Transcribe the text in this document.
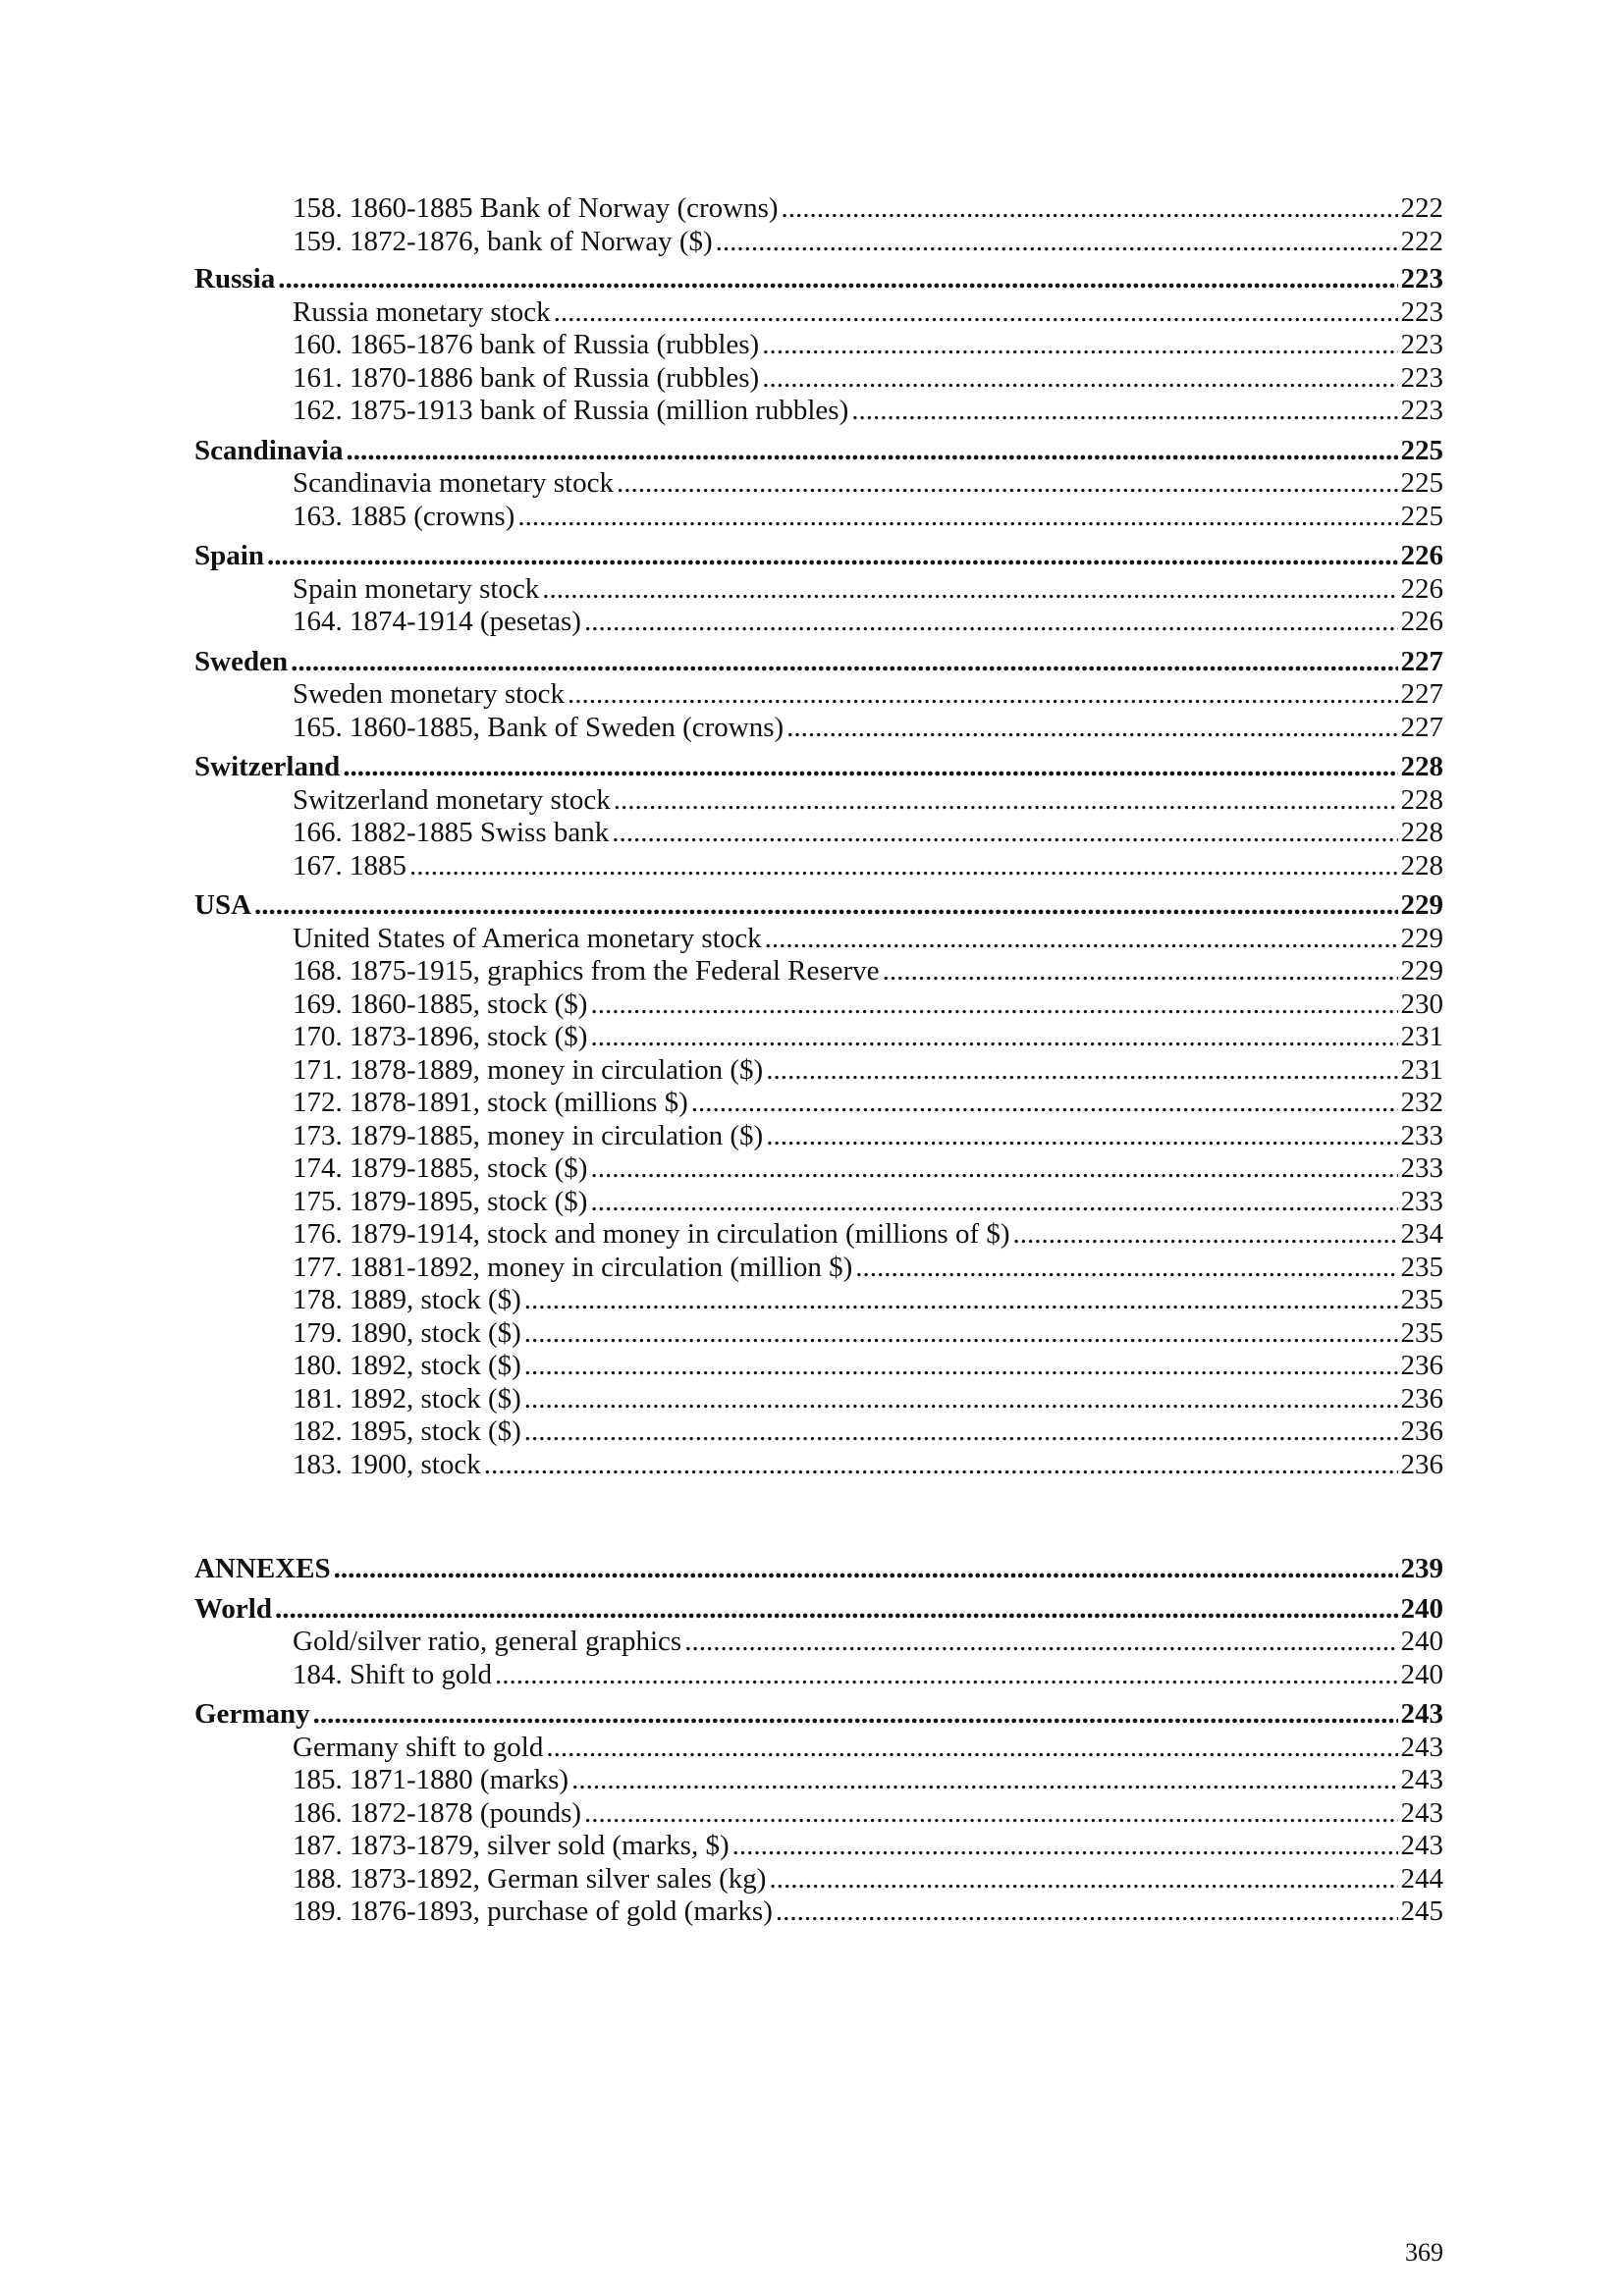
158. 1860-1885 Bank of Norway (crowns) .....	222
159. 1872-1876, bank of Norway ($) .....	222
Russia .....	223
Russia monetary stock .....	223
160. 1865-1876 bank of Russia (rubbles) .....	223
161. 1870-1886 bank of Russia (rubbles) .....	223
162. 1875-1913 bank of Russia (million rubbles) .....	223
Scandinavia .....	225
Scandinavia monetary stock .....	225
163. 1885 (crowns) .....	225
Spain .....	226
Spain monetary stock .....	226
164. 1874-1914 (pesetas) .....	226
Sweden .....	227
Sweden monetary stock .....	227
165. 1860-1885, Bank of Sweden (crowns) .....	227
Switzerland .....	228
Switzerland monetary stock .....	228
166. 1882-1885 Swiss bank .....	228
167. 1885 .....	228
USA .....	229
United States of America monetary stock .....	229
168. 1875-1915, graphics from the Federal Reserve .....	229
169. 1860-1885, stock ($) .....	230
170. 1873-1896, stock ($) .....	231
171. 1878-1889, money in circulation ($) .....	231
172. 1878-1891, stock (millions $) .....	232
173. 1879-1885, money in circulation ($) .....	233
174. 1879-1885, stock ($) .....	233
175. 1879-1895, stock ($) .....	233
176. 1879-1914, stock and money in circulation (millions of $) .....	234
177. 1881-1892, money in circulation (million $) .....	235
178. 1889, stock ($) .....	235
179. 1890, stock ($) .....	235
180. 1892, stock ($) .....	236
181. 1892, stock ($) .....	236
182. 1895, stock ($) .....	236
183. 1900, stock .....	236
ANNEXES .....	239
World .....	240
Gold/silver ratio, general graphics .....	240
184. Shift to gold .....	240
Germany .....	243
Germany shift to gold .....	243
185. 1871-1880 (marks) .....	243
186. 1872-1878 (pounds) .....	243
187. 1873-1879, silver sold (marks, $) .....	243
188. 1873-1892, German silver sales (kg) .....	244
189. 1876-1893, purchase of gold (marks) .....	245
369
